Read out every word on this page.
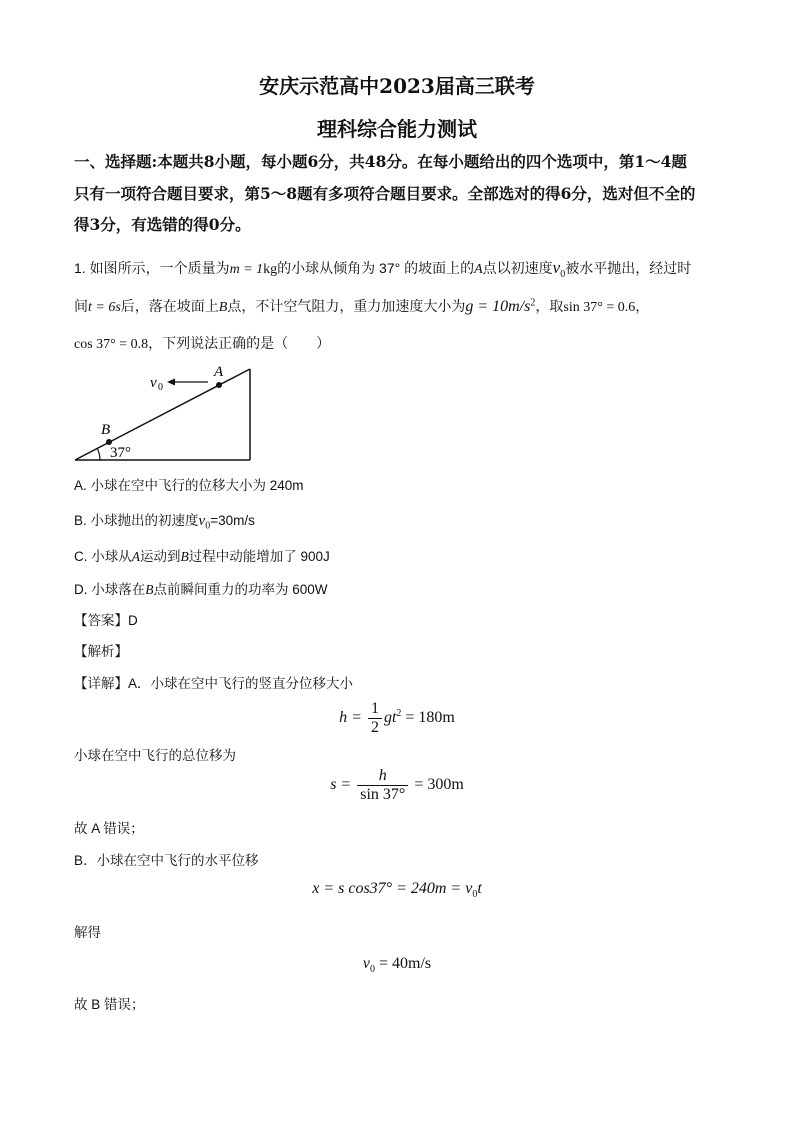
安庆示范高中2023届高三联考
理科综合能力测试
一、选择题:本题共8小题，每小题6分，共48分。在每小题给出的四个选项中，第1～4题
只有一项符合题目要求，第5～8题有多项符合题目要求。全部选对的得6分，选对但不全的
得3分，有选错的得0分。
1. 如图所示，一个质量为m = 1kg的小球从倾角为 37° 的坡面上的A点以初速度$v_0$被水平抛出，经过时
间t = 6s后，落在坡面上B点，不计空气阻力，重力加速度大小为$g = 10m/s^2$，取sin 37° = 0.6，
cos 37° = 0.8，下列说法正确的是（　　）
v 0
A
B
37°
A. 小球在空中飞行的位移大小为 240m
B. 小球抛出的初速度$v_0=30m/s$
C. 小球从A运动到B过程中动能增加了 900J
D. 小球落在B点前瞬间重力的功率为 600W
【答案】D
【解析】
【详解】A．小球在空中飞行的竖直分位移大小
$h = \frac{1}{2} gt^2 = 180m$
小球在空中飞行的总位移为
$s = \frac{h}{\sin 37^\circ} = 300m$
故 A 错误；
B．小球在空中飞行的水平位移
x = s $\cos 37^\circ = 240m = v_0t$
解得
$v_0 = 40m/s$
故 B 错误；
